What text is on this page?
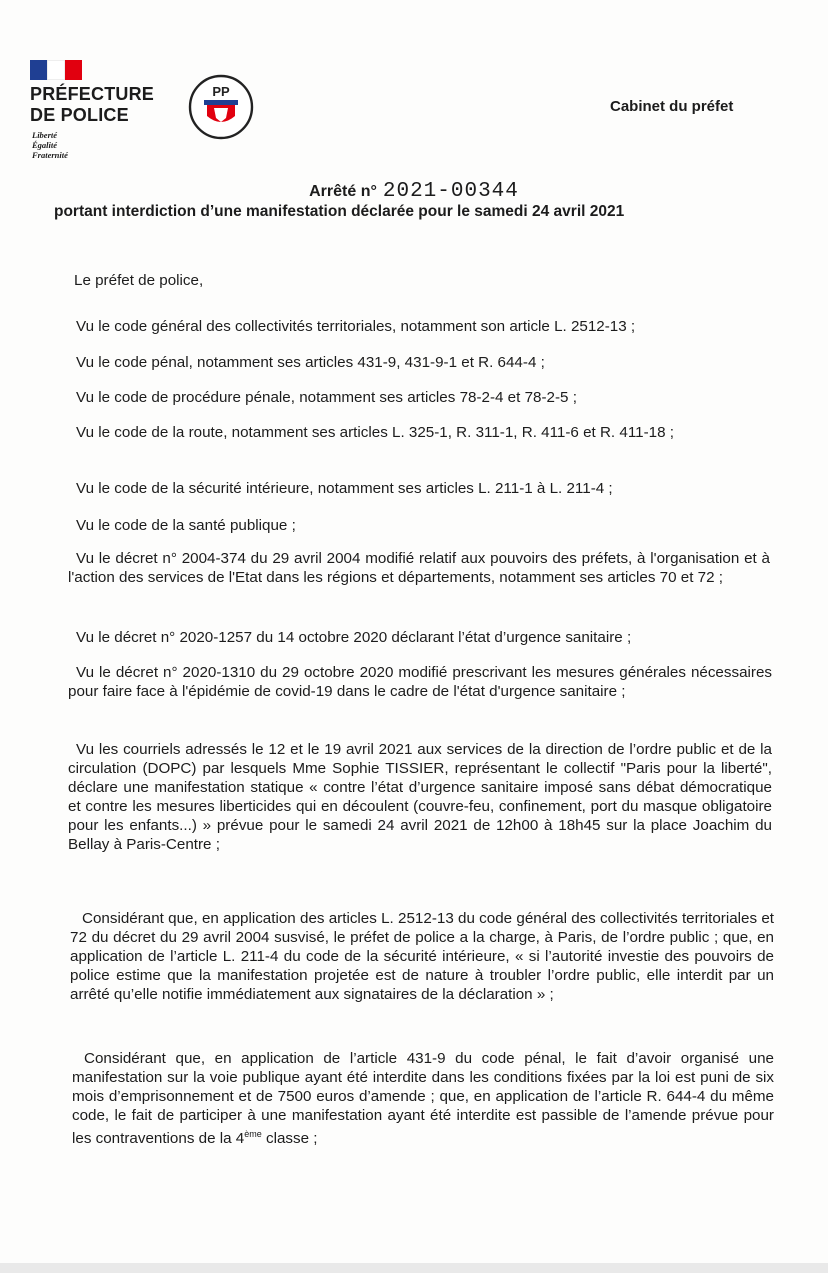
PRÉFECTURE
DE POLICE
Liberté
Égalité
Fraternité
PP
Cabinet du préfet
Arrêté n° 2021-00344
portant interdiction d’une manifestation déclarée pour le samedi 24 avril 2021
Le préfet de police,
Vu le code général des collectivités territoriales, notamment son article L. 2512-13 ;
Vu le code pénal, notamment ses articles 431-9, 431-9-1 et R. 644-4 ;
Vu le code de procédure pénale, notamment ses articles 78-2-4 et 78-2-5 ;
Vu le code de la route, notamment ses articles L. 325-1, R. 311-1, R. 411-6 et R. 411-18 ;
Vu le code de la sécurité intérieure, notamment ses articles L. 211-1 à L. 211-4 ;
Vu le code de la santé publique ;
Vu le décret n° 2004-374 du 29 avril 2004 modifié relatif aux pouvoirs des préfets, à l'organisation et à l'action des services de l'Etat dans les régions et départements, notamment ses articles 70 et 72 ;
Vu le décret n° 2020-1257 du 14 octobre 2020 déclarant l’état d’urgence sanitaire ;
Vu le décret n° 2020-1310 du 29 octobre 2020 modifié prescrivant les mesures générales nécessaires pour faire face à l'épidémie de covid-19 dans le cadre de l'état d'urgence sanitaire ;
Vu les courriels adressés le 12 et le 19 avril 2021 aux services de la direction de l’ordre public et de la circulation (DOPC) par lesquels Mme Sophie TISSIER, représentant le collectif "Paris pour la liberté", déclare une manifestation statique « contre l’état d’urgence sanitaire imposé sans débat démocratique et contre les mesures liberticides qui en découlent (couvre-feu, confinement, port du masque obligatoire pour les enfants...) » prévue pour le samedi 24 avril 2021 de 12h00 à 18h45 sur la place Joachim du Bellay à Paris-Centre ;
Considérant que, en application des articles L. 2512-13 du code général des collectivités territoriales et 72 du décret du 29 avril 2004 susvisé, le préfet de police a la charge, à Paris, de l’ordre public ; que, en application de l’article L. 211-4 du code de la sécurité intérieure, « si l’autorité investie des pouvoirs de police estime que la manifestation projetée est de nature à troubler l’ordre public, elle interdit par un arrêté qu’elle notifie immédiatement aux signataires de la déclaration » ;
Considérant que, en application de l’article 431-9 du code pénal, le fait d’avoir organisé une manifestation sur la voie publique ayant été interdite dans les conditions fixées par la loi est puni de six mois d’emprisonnement et de 7500 euros d’amende ; que, en application de l’article R. 644-4 du même code, le fait de participer à une manifestation ayant été interdite est passible de l’amende prévue pour les contraventions de la 4ème classe ;
